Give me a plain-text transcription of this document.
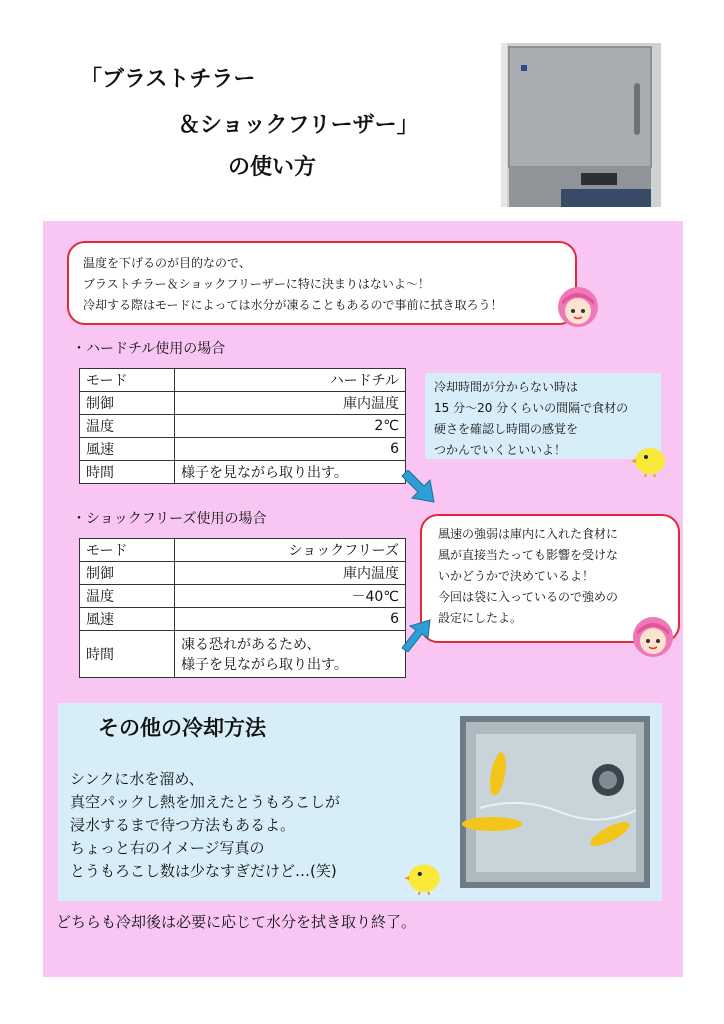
「ブラストチラー
＆ショックフリーザー」
の使い方
温度を下げるのが目的なので、
ブラストチラー＆ショックフリーザーに特に決まりはないよ～！
冷却する際はモードによっては水分が凍ることもあるので事前に拭き取ろう！
・ハードチル使用の場合
モード	ハードチル
制御	庫内温度
温度	2℃
風速	6
時間	様子を見ながら取り出す。
冷却時間が分からない時は
15 分～20 分くらいの間隔で食材の
硬さを確認し時間の感覚を
つかんでいくといいよ！
・ショックフリーズ使用の場合
モード	ショックフリーズ
制御	庫内温度
温度	－40℃
風速	6
時間	凍る恐れがあるため、
様子を見ながら取り出す。
風速の強弱は庫内に入れた食材に
風が直接当たっても影響を受けな
いかどうかで決めているよ！
今回は袋に入っているので強めの
設定にしたよ。
その他の冷却方法
シンクに水を溜め、
真空パックし熱を加えたとうもろこしが
浸水するまで待つ方法もあるよ。
ちょっと右のイメージ写真の
とうもろこし数は少なすぎだけど…(笑)
どちらも冷却後は必要に応じて水分を拭き取り終了。
